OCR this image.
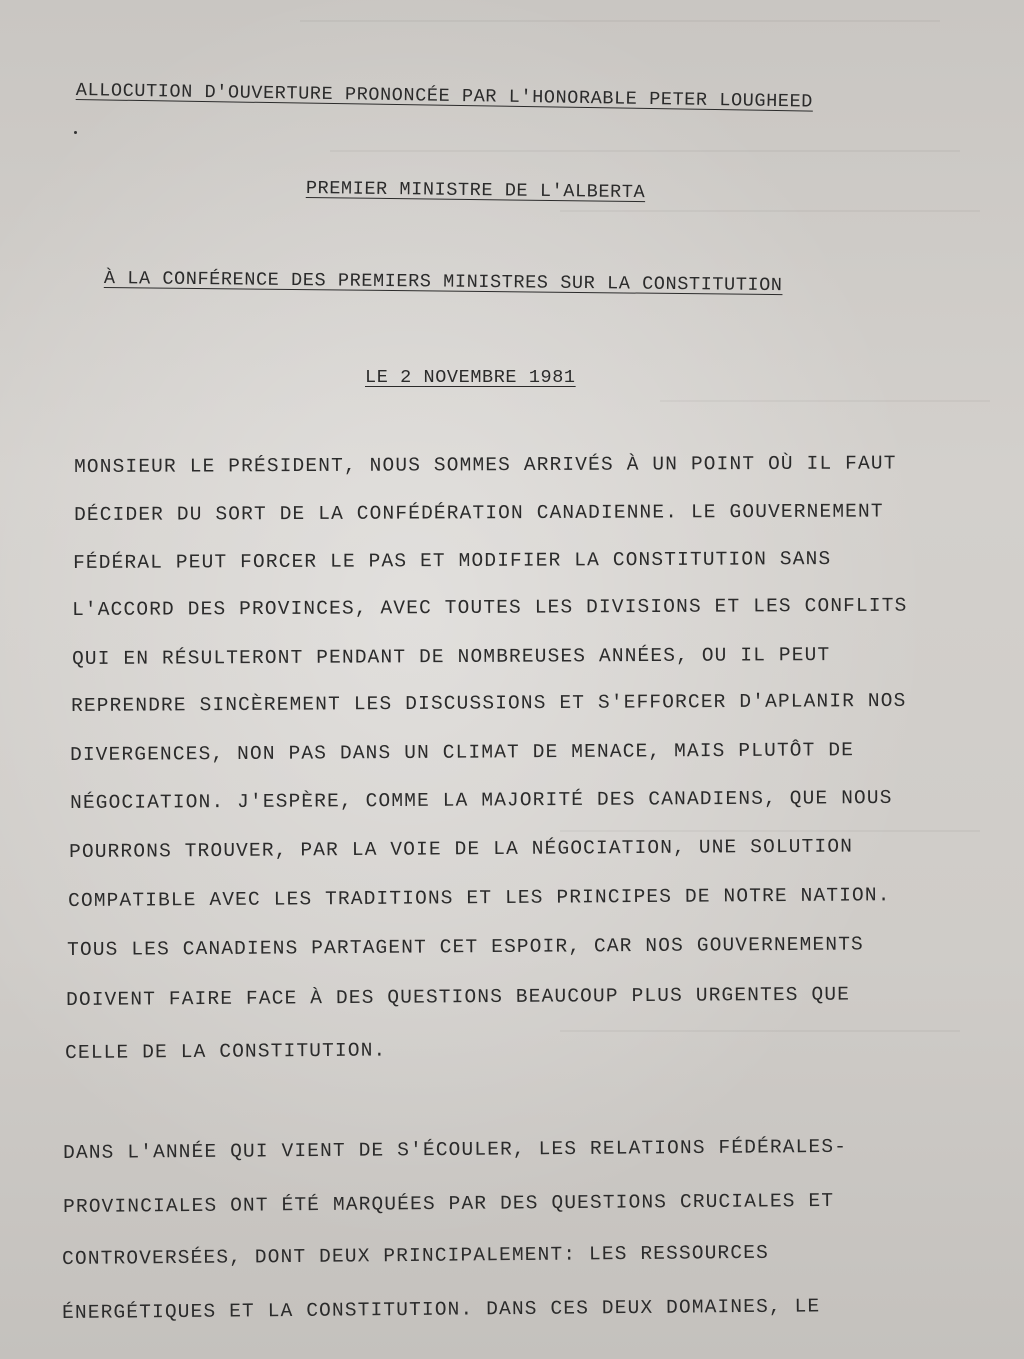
ALLOCUTION D'OUVERTURE PRONONCÉE PAR L'HONORABLE PETER LOUGHEED
PREMIER MINISTRE DE L'ALBERTA
À LA CONFÉRENCE DES PREMIERS MINISTRES SUR LA CONSTITUTION
LE 2 NOVEMBRE 1981
MONSIEUR LE PRÉSIDENT, NOUS SOMMES ARRIVÉS À UN POINT OÙ IL FAUT
DÉCIDER DU SORT DE LA CONFÉDÉRATION CANADIENNE. LE GOUVERNEMENT
FÉDÉRAL PEUT FORCER LE PAS ET MODIFIER LA CONSTITUTION SANS
L'ACCORD DES PROVINCES, AVEC TOUTES LES DIVISIONS ET LES CONFLITS
QUI EN RÉSULTERONT PENDANT DE NOMBREUSES ANNÉES, OU IL PEUT
REPRENDRE SINCÈREMENT LES DISCUSSIONS ET S'EFFORCER D'APLANIR NOS
DIVERGENCES, NON PAS DANS UN CLIMAT DE MENACE, MAIS PLUTÔT DE
NÉGOCIATION. J'ESPÈRE, COMME LA MAJORITÉ DES CANADIENS, QUE NOUS
POURRONS TROUVER, PAR LA VOIE DE LA NÉGOCIATION, UNE SOLUTION
COMPATIBLE AVEC LES TRADITIONS ET LES PRINCIPES DE NOTRE NATION.
TOUS LES CANADIENS PARTAGENT CET ESPOIR, CAR NOS GOUVERNEMENTS
DOIVENT FAIRE FACE À DES QUESTIONS BEAUCOUP PLUS URGENTES QUE
CELLE DE LA CONSTITUTION.
DANS L'ANNÉE QUI VIENT DE S'ÉCOULER, LES RELATIONS FÉDÉRALES-
PROVINCIALES ONT ÉTÉ MARQUÉES PAR DES QUESTIONS CRUCIALES ET
CONTROVERSÉES, DONT DEUX PRINCIPALEMENT: LES RESSOURCES
ÉNERGÉTIQUES ET LA CONSTITUTION. DANS CES DEUX DOMAINES, LE
